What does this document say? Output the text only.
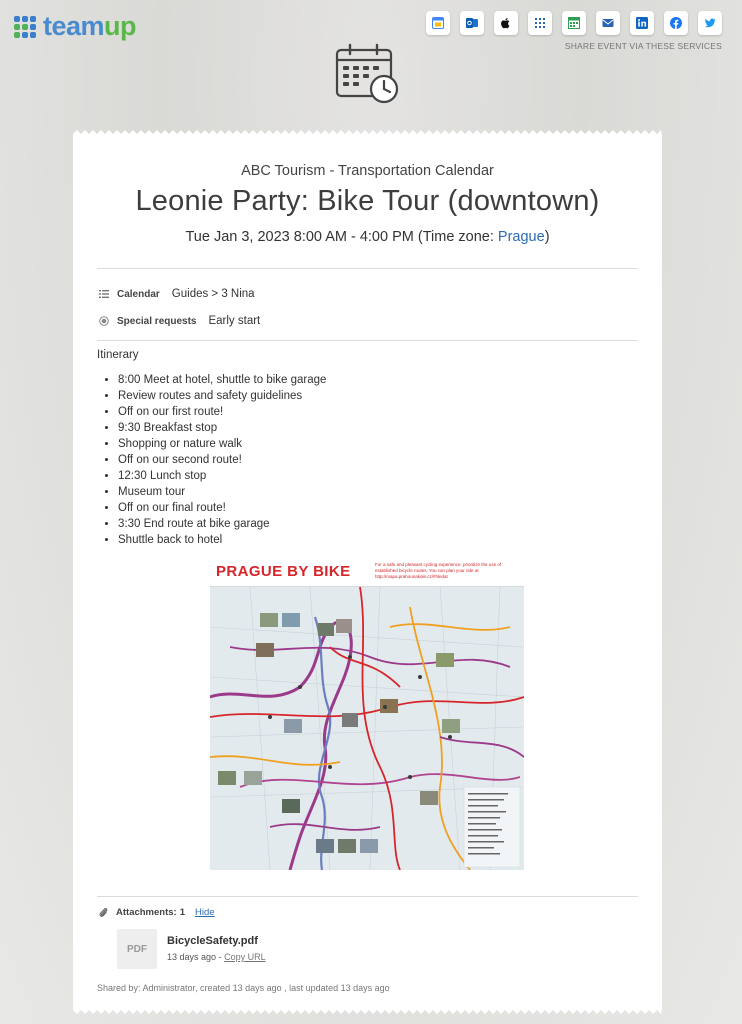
teamup
SHARE EVENT VIA THESE SERVICES
ABC Tourism - Transportation Calendar
Leonie Party: Bike Tour (downtown)
Tue Jan 3, 2023 8:00 AM - 4:00 PM (Time zone: Prague)
Calendar Guides > 3 Nina
Special requests Early start
Itinerary
• 8:00 Meet at hotel, shuttle to bike garage
• Review routes and safety guidelines
• Off on our first route!
• 9:30 Breakfast stop
• Shopping or nature walk
• Off on our second route!
• 12:30 Lunch stop
• Museum tour
• Off on our final route!
• 3:30 End route at bike garage
• Shuttle back to hotel
PRAGUE BY BIKE	For a safe and pleasant cycling experience, prioritize the use of established bicycle routes. You can plan your ride at http://mapa.prahounakole.cz/#hledat
Attachments: 1 Hide
PDF
BicycleSafety.pdf
13 days ago - Copy URL
Shared by: Administrator, created 13 days ago , last updated 13 days ago
